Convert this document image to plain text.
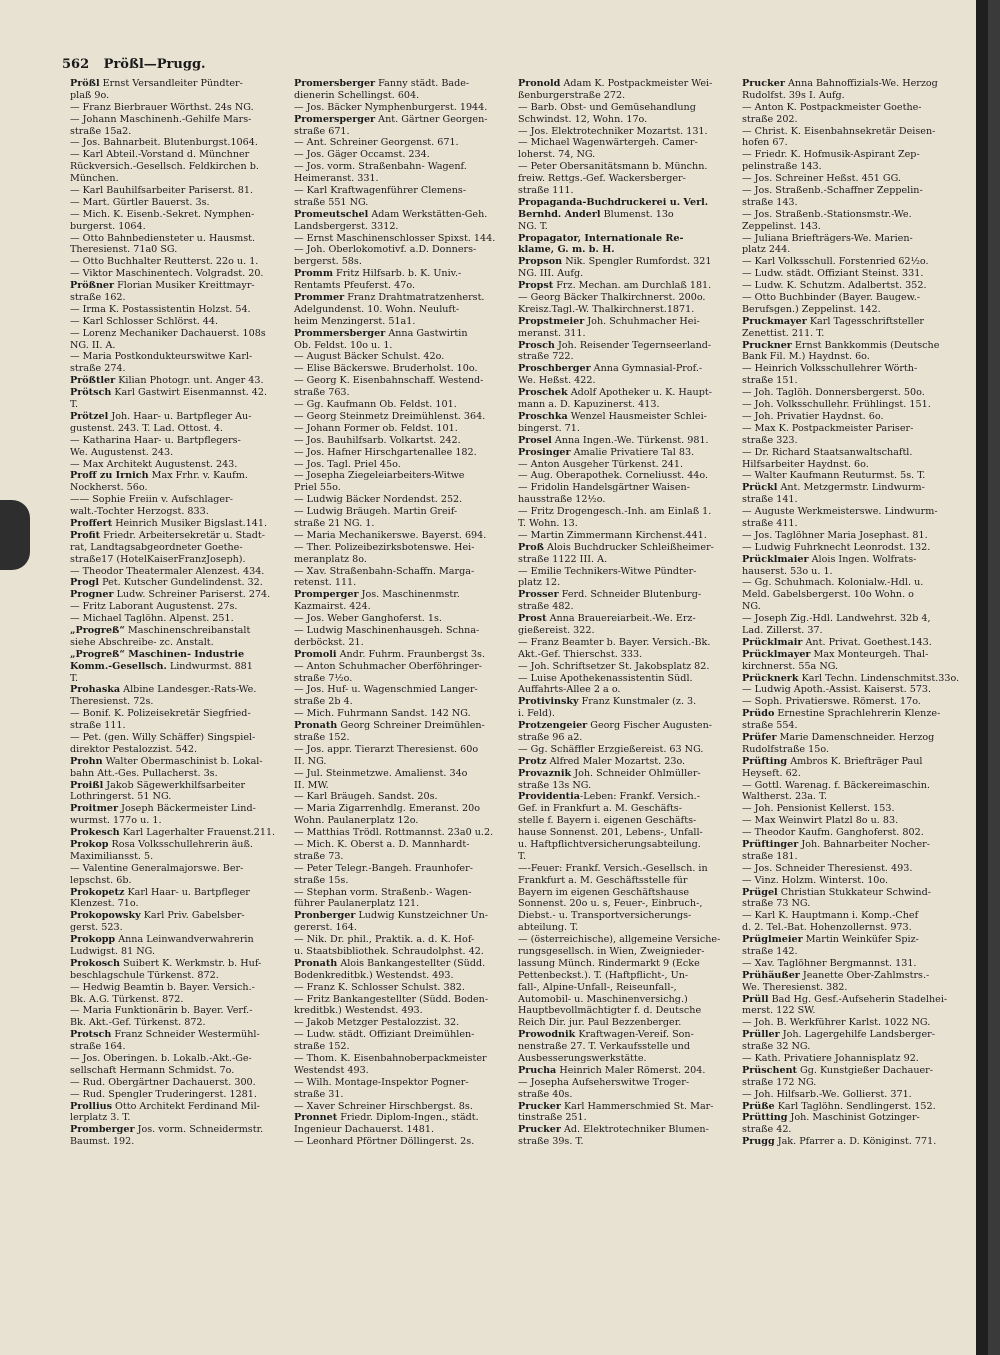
562 Prößl—Prugg.
Prößl Ernst Versandleiter Pündter-
plaß 9o.
— Franz Bierbrauer Wörthst. 24s NG.
— Johann Maschinenh.-Gehilfe Mars-
straße 15a2.
— Jos. Bahnarbeit. Blutenburgst.1064.
— Karl Abteil.-Vorstand d. Münchner
Rückversich.-Gesellsch. Feldkirchen b.
München.
— Karl Bauhilfsarbeiter Pariserst. 81.
— Mart. Gürtler Bauerst. 3s.
— Mich. K. Eisenb.-Sekret. Nymphen-
burgerst. 1064.
— Otto Bahnbediensteter u. Hausmst.
Theresienst. 71a0 SG.
— Otto Buchhalter Reutterst. 22o u. 1.
— Viktor Maschinentech. Volgradst. 20.
Prößner Florian Musiker Kreittmayr-
straße 162.
— Irma K. Postassistentin Holzst. 54.
— Karl Schlosser Schlörst. 44.
— Lorenz Mechaniker Dachauerst. 108s
NG. II. A.
— Maria Postkondukteurswitwe Karl-
straße 274.
Prößtler Kilian Photogr. unt. Anger 43.
Prötsch Karl Gastwirt Eisenmannst. 42.
T.
Prötzel Joh. Haar- u. Bartpfleger Au-
gustenst. 243. T. Lad. Ottost. 4.
— Katharina Haar- u. Bartpflegers-
We. Augustenst. 243.
— Max Architekt Augustenst. 243.
Proff zu Irnich Max Frhr. v. Kaufm.
Nockherst. 56o.
—— Sophie Freiin v. Aufschlager-
walt.-Tochter Herzogst. 833.
Proffert Heinrich Musiker Bigslast.141.
Profit Friedr. Arbeitersekretär u. Stadt-
rat, Landtagsabgeordneter Goethe-
straße17 (HotelKaiserFranzJoseph).
— Theodor Theatermaler Alenzest. 434.
Progl Pet. Kutscher Gundelindenst. 32.
Progner Ludw. Schreiner Pariserst. 274.
— Fritz Laborant Augustenst. 27s.
— Michael Taglöhn. Alpenst. 251.
„Progreß“ Maschinenschreibanstalt
siehe Abschreibe- zc. Anstalt.
„Progreß“ Maschinen- Industrie
Komm.-Gesellsch. Lindwurmst. 881
T.
Prohaska Albine Landesger.-Rats-We.
Theresienst. 72s.
— Bonif. K. Polizeisekretär Siegfried-
straße 111.
— Pet. (gen. Willy Schäffer) Singspiel-
direktor Pestalozzist. 542.
Prohn Walter Obermaschinist b. Lokal-
bahn Att.-Ges. Pullacherst. 3s.
Proißl Jakob Sägewerkhilfsarbeiter
Lothringerst. 51 NG.
Proitmer Joseph Bäckermeister Lind-
wurmst. 177o u. 1.
Prokesch Karl Lagerhalter Frauenst.211.
Prokop Rosa Volksschullehrerin äuß.
Maximiliansst. 5.
— Valentine Generalmajorswe. Ber-
lepschst. 6b.
Prokopetz Karl Haar- u. Bartpfleger
Klenzest. 71o.
Prokopowsky Karl Priv. Gabelsber-
gerst. 523.
Prokopp Anna Leinwandverwahrerin
Ludwigst. 81 NG.
Prokosch Suibert K. Werkmstr. b. Huf-
beschlagschule Türkenst. 872.
— Hedwig Beamtin b. Bayer. Versich.-
Bk. A.G. Türkenst. 872.
— Maria Funktionärin b. Bayer. Verf.-
Bk. Akt.-Gef. Türkenst. 872.
Protsch Franz Schneider Westermühl-
straße 164.
— Jos. Oberingen. b. Lokalb.-Akt.-Ge-
sellschaft Hermann Schmidst. 7o.
— Rud. Obergärtner Dachauerst. 300.
— Rud. Spengler Truderingerst. 1281.
Prollius Otto Architekt Ferdinand Mil-
lerplatz 3. T.
Promberger Jos. vorm. Schneidermstr.
Baumst. 192.
Promersberger Fanny städt. Bade-
dienerin Schellingst. 604.
— Jos. Bäcker Nymphenburgerst. 1944.
Promersperger Ant. Gärtner Georgen-
straße 671.
— Ant. Schreiner Georgenst. 671.
— Jos. Gäger Occamst. 234.
— Jos. vorm. Straßenbahn- Wagenf.
Heimeranst. 331.
— Karl Kraftwagenführer Clemens-
straße 551 NG.
Promeutschel Adam Werkstätten-Geh.
Landsbergerst. 3312.
— Ernst Maschinenschlosser Spixst. 144.
— Joh. Oberlokomotivf. a.D. Donners-
bergerst. 58s.
Promm Fritz Hilfsarb. b. K. Univ.-
Rentamts Pfeuferst. 47o.
Prommer Franz Drahtmatratzenherst.
Adelgundenst. 10. Wohn. Neuluft-
heim Menzingerst. 51a1.
Prommersberger Anna Gastwirtin
Ob. Feldst. 10o u. 1.
— August Bäcker Schulst. 42o.
— Elise Bäckerswe. Bruderholst. 10o.
— Georg K. Eisenbahnschaff. Westend-
straße 763.
— Gg. Kaufmann Ob. Feldst. 101.
— Georg Steinmetz Dreimühlenst. 364.
— Johann Former ob. Feldst. 101.
— Jos. Bauhilfsarb. Volkartst. 242.
— Jos. Hafner Hirschgartenallee 182.
— Jos. Tagl. Priel 45o.
— Josepha Ziegeleiarbeiters-Witwe
Priel 55o.
— Ludwig Bäcker Nordendst. 252.
— Ludwig Bräugeh. Martin Greif-
straße 21 NG. 1.
— Maria Mechanikerswe. Bayerst. 694.
— Ther. Polizeibezirksbotenswe. Hei-
meranplatz 8o.
— Xav. Straßenbahn-Schaffn. Marga-
retenst. 111.
Promperger Jos. Maschinenmstr.
Kazmairst. 424.
— Jos. Weber Ganghoferst. 1s.
— Ludwig Maschinenhausgeh. Schna-
derböckst. 21.
Promoli Andr. Fuhrm. Fraunbergst 3s.
— Anton Schuhmacher Oberföhringer-
straße 7½o.
— Jos. Huf- u. Wagenschmied Langer-
straße 2b 4.
— Mich. Fuhrmann Sandst. 142 NG.
Pronath Georg Schreiner Dreimühlen-
straße 152.
— Jos. appr. Tierarzt Theresienst. 60o
II. NG.
— Jul. Steinmetzwe. Amalienst. 34o
II. MW.
— Karl Bräugeh. Sandst. 20s.
— Maria Zigarrenhdlg. Emeranst. 20o
Wohn. Paulanerplatz 12o.
— Matthias Trödl. Rottmannst. 23a0 u.2.
— Mich. K. Oberst a. D. Mannhardt-
straße 73.
— Peter Telegr.-Bangeh. Fraunhofer-
straße 15s.
— Stephan vorm. Straßenb.- Wagen-
führer Paulanerplatz 121.
Pronberger Ludwig Kunstzeichner Un-
gererst. 164.
— Nik. Dr. phil., Praktik. a. d. K. Hof-
u. Staatsbibliothek. Schraudolphst. 42.
Pronath Alois Bankangestellter (Südd.
Bodenkreditbk.) Westendst. 493.
— Franz K. Schlosser Schulst. 382.
— Fritz Bankangestellter (Südd. Boden-
kreditbk.) Westendst. 493.
— Jakob Metzger Pestalozzist. 32.
— Ludw. städt. Offiziant Dreimühlen-
straße 152.
— Thom. K. Eisenbahnoberpackmeister
Westendst 493.
— Wilh. Montage-Inspektor Pogner-
straße 31.
— Xaver Schreiner Hirschbergst. 8s.
Pronnet Friedr. Diplom-Ingen., städt.
Ingenieur Dachauerst. 1481.
— Leonhard Pförtner Döllingerst. 2s.
Pronold Adam K. Postpackmeister Wei-
ßenburgerstraße 272.
— Barb. Obst- und Gemüsehandlung
Schwindst. 12, Wohn. 17o.
— Jos. Elektrotechniker Mozartst. 131.
— Michael Wagenwärtergeh. Camer-
loherst. 74, NG.
— Peter Obersanitätsmann b. Münchn.
freiw. Rettgs.-Gef. Wackersberger-
straße 111.
Propaganda-Buchdruckerei u. Verl.
Bernhd. Anderl Blumenst. 13o
NG. T.
Propagator, Internationale Re-
klame, G. m. b. H.
Propson Nik. Spengler Rumfordst. 321
NG. III. Aufg.
Propst Frz. Mechan. am Durchlaß 181.
— Georg Bäcker Thalkirchnerst. 200o.
Kreisz.Tagl.-W. Thalkirchnerst.1871.
Propstmeier Joh. Schuhmacher Hei-
meranst. 311.
Prosch Joh. Reisender Tegernseerland-
straße 722.
Proschberger Anna Gymnasial-Prof.-
We. Heßst. 422.
Proschek Adolf Apotheker u. K. Haupt-
mann a. D. Kapuzinerst. 413.
Proschka Wenzel Hausmeister Schlei-
bingerst. 71.
Prosel Anna Ingen.-We. Türkenst. 981.
Prosinger Amalie Privatiere Tal 83.
— Anton Ausgeher Türkenst. 241.
— Aug. Oberapothek. Corneliusst. 44o.
— Fridolin Handelsgärtner Waisen-
hausstraße 12½o.
— Fritz Drogengesch.-Inh. am Einlaß 1.
T. Wohn. 13.
— Martin Zimmermann Kirchenst.441.
Proß Alois Buchdrucker Schleißheimer-
straße 1122 III. A.
— Emilie Technikers-Witwe Pündter-
platz 12.
Prosser Ferd. Schneider Blutenburg-
straße 482.
Prost Anna Brauereiarbeit.-We. Erz-
gießereist. 322.
— Franz Beamter b. Bayer. Versich.-Bk.
Akt.-Gef. Thierschst. 333.
— Joh. Schriftsetzer St. Jakobsplatz 82.
— Luise Apothekenassistentin Südl.
Auffahrts-Allee 2 a o.
Protivinsky Franz Kunstmaler (z. 3.
i. Feld).
Protzengeier Georg Fischer Augusten-
straße 96 a2.
— Gg. Schäffler Erzgießereist. 63 NG.
Protz Alfred Maler Mozartst. 23o.
Provaznik Joh. Schneider Ohlmüller-
straße 13s NG.
Providentia-Leben: Frankf. Versich.-
Gef. in Frankfurt a. M. Geschäfts-
stelle f. Bayern i. eigenen Geschäfts-
hause Sonnenst. 201, Lebens-, Unfall-
u. Haftpflichtversicherungsabteilung.
T.
—-Feuer: Frankf. Versich.-Gesellsch. in
Frankfurt a. M. Geschäftsstelle für
Bayern im eigenen Geschäftshause
Sonnenst. 20o u. s, Feuer-, Einbruch-,
Diebst.- u. Transportversicherungs-
abteilung. T.
— (österreichische), allgemeine Versiche-
rungsgesellsch. in Wien, Zweignieder-
lassung Münch. Rindermarkt 9 (Ecke
Pettenbeckst.). T. (Haftpflicht-, Un-
fall-, Alpine-Unfall-, Reiseunfall-,
Automobil- u. Maschinenversichg.)
Hauptbevollmächtigter f. d. Deutsche
Reich Dir. jur. Paul Bezzenberger.
Prowodnik Kraftwagen-Vereif. Son-
nenstraße 27. T. Verkaufsstelle und
Ausbesserungswerkstätte.
Prucha Heinrich Maler Römerst. 204.
— Josepha Aufseherswitwe Troger-
straße 40s.
Prucker Karl Hammerschmied St. Mar-
tinstraße 251.
Prucker Ad. Elektrotechniker Blumen-
straße 39s. T.
Prucker Anna Bahnoffizials-We. Herzog
Rudolfst. 39s I. Aufg.
— Anton K. Postpackmeister Goethe-
straße 202.
— Christ. K. Eisenbahnsekretär Deisen-
hofen 67.
— Friedr. K. Hofmusik-Aspirant Zep-
pelinstraße 143.
— Jos. Schreiner Heßst. 451 GG.
— Jos. Straßenb.-Schaffner Zeppelin-
straße 143.
— Jos. Straßenb.-Stationsmstr.-We.
Zeppelinst. 143.
— Juliana Briefträgers-We. Marien-
platz 244.
— Karl Volksschull. Forstenried 62½o.
— Ludw. städt. Offiziant Steinst. 331.
— Ludw. K. Schutzm. Adalbertst. 352.
— Otto Buchbinder (Bayer. Baugew.-
Berufsgen.) Zeppelinst. 142.
Pruckmayer Karl Tagesschriftsteller
Zenettist. 211. T.
Pruckner Ernst Bankkommis (Deutsche
Bank Fil. M.) Haydnst. 6o.
— Heinrich Volksschullehrer Wörth-
straße 151.
— Joh. Taglöh. Donnersbergerst. 50o.
— Joh. Volksschullehr. Frühlingst. 151.
— Joh. Privatier Haydnst. 6o.
— Max K. Postpackmeister Pariser-
straße 323.
— Dr. Richard Staatsanwaltschaftl.
Hilfsarbeiter Haydnst. 6o.
— Walter Kaufmann Reuturmst. 5s. T.
Prückl Ant. Metzgermstr. Lindwurm-
straße 141.
— Auguste Werkmeisterswe. Lindwurm-
straße 411.
— Jos. Taglöhner Maria Josephast. 81.
— Ludwig Fuhrknecht Leonrodst. 132.
Prücklmaier Alois Ingen. Wolfrats-
hauserst. 53o u. 1.
— Gg. Schuhmach. Kolonialw.-Hdl. u.
Meld. Gabelsbergerst. 10o Wohn. o
NG.
— Joseph Zig.-Hdl. Landwehrst. 32b 4,
Lad. Zillerst. 37.
Prücklmair Ant. Privat. Goethest.143.
Prücklmayer Max Monteurgeh. Thal-
kirchnerst. 55a NG.
Prücknerk Karl Techn. Lindenschmitst.33o.
— Ludwig Apoth.-Assist. Kaiserst. 573.
— Soph. Privatierswe. Römerst. 17o.
Prüdo Ernestine Sprachlehrerin Klenze-
straße 554.
Prüfer Marie Damenschneider. Herzog
Rudolfstraße 15o.
Prüfting Ambros K. Briefträger Paul
Heyseft. 62.
— Gottl. Warenag. f. Bäckereimaschin.
Waltherst. 23a. T.
— Joh. Pensionist Kellerst. 153.
— Max Weinwirt Platzl 8o u. 83.
— Theodor Kaufm. Ganghoferst. 802.
Prüftinger Joh. Bahnarbeiter Nocher-
straße 181.
— Jos. Schneider Theresienst. 493.
— Vinz. Holzm. Winterst. 10o.
Prügel Christian Stukkateur Schwind-
straße 73 NG.
— Karl K. Hauptmann i. Komp.-Chef
d. 2. Tel.-Bat. Hohenzollernst. 973.
Prüglmeier Martin Weinküfer Spiz-
straße 142.
— Xav. Taglöhner Bergmannst. 131.
Prühäußer Jeanette Ober-Zahlmstrs.-
We. Theresienst. 382.
Prüll Bad Hg. Gesf.-Aufseherin Stadelhei-
merst. 122 SW.
— Joh. B. Werkführer Karlst. 1022 NG.
Prüller Joh. Lagergehilfe Landsberger-
straße 32 NG.
— Kath. Privatiere Johannisplatz 92.
Prüschent Gg. Kunstgießer Dachauer-
straße 172 NG.
— Joh. Hilfsarb.-We. Gollierst. 371.
Prüße Karl Taglöhn. Sendlingerst. 152.
Prütting Joh. Maschinist Gotzinger-
straße 42.
Prugg Jak. Pfarrer a. D. Königinst. 771.
